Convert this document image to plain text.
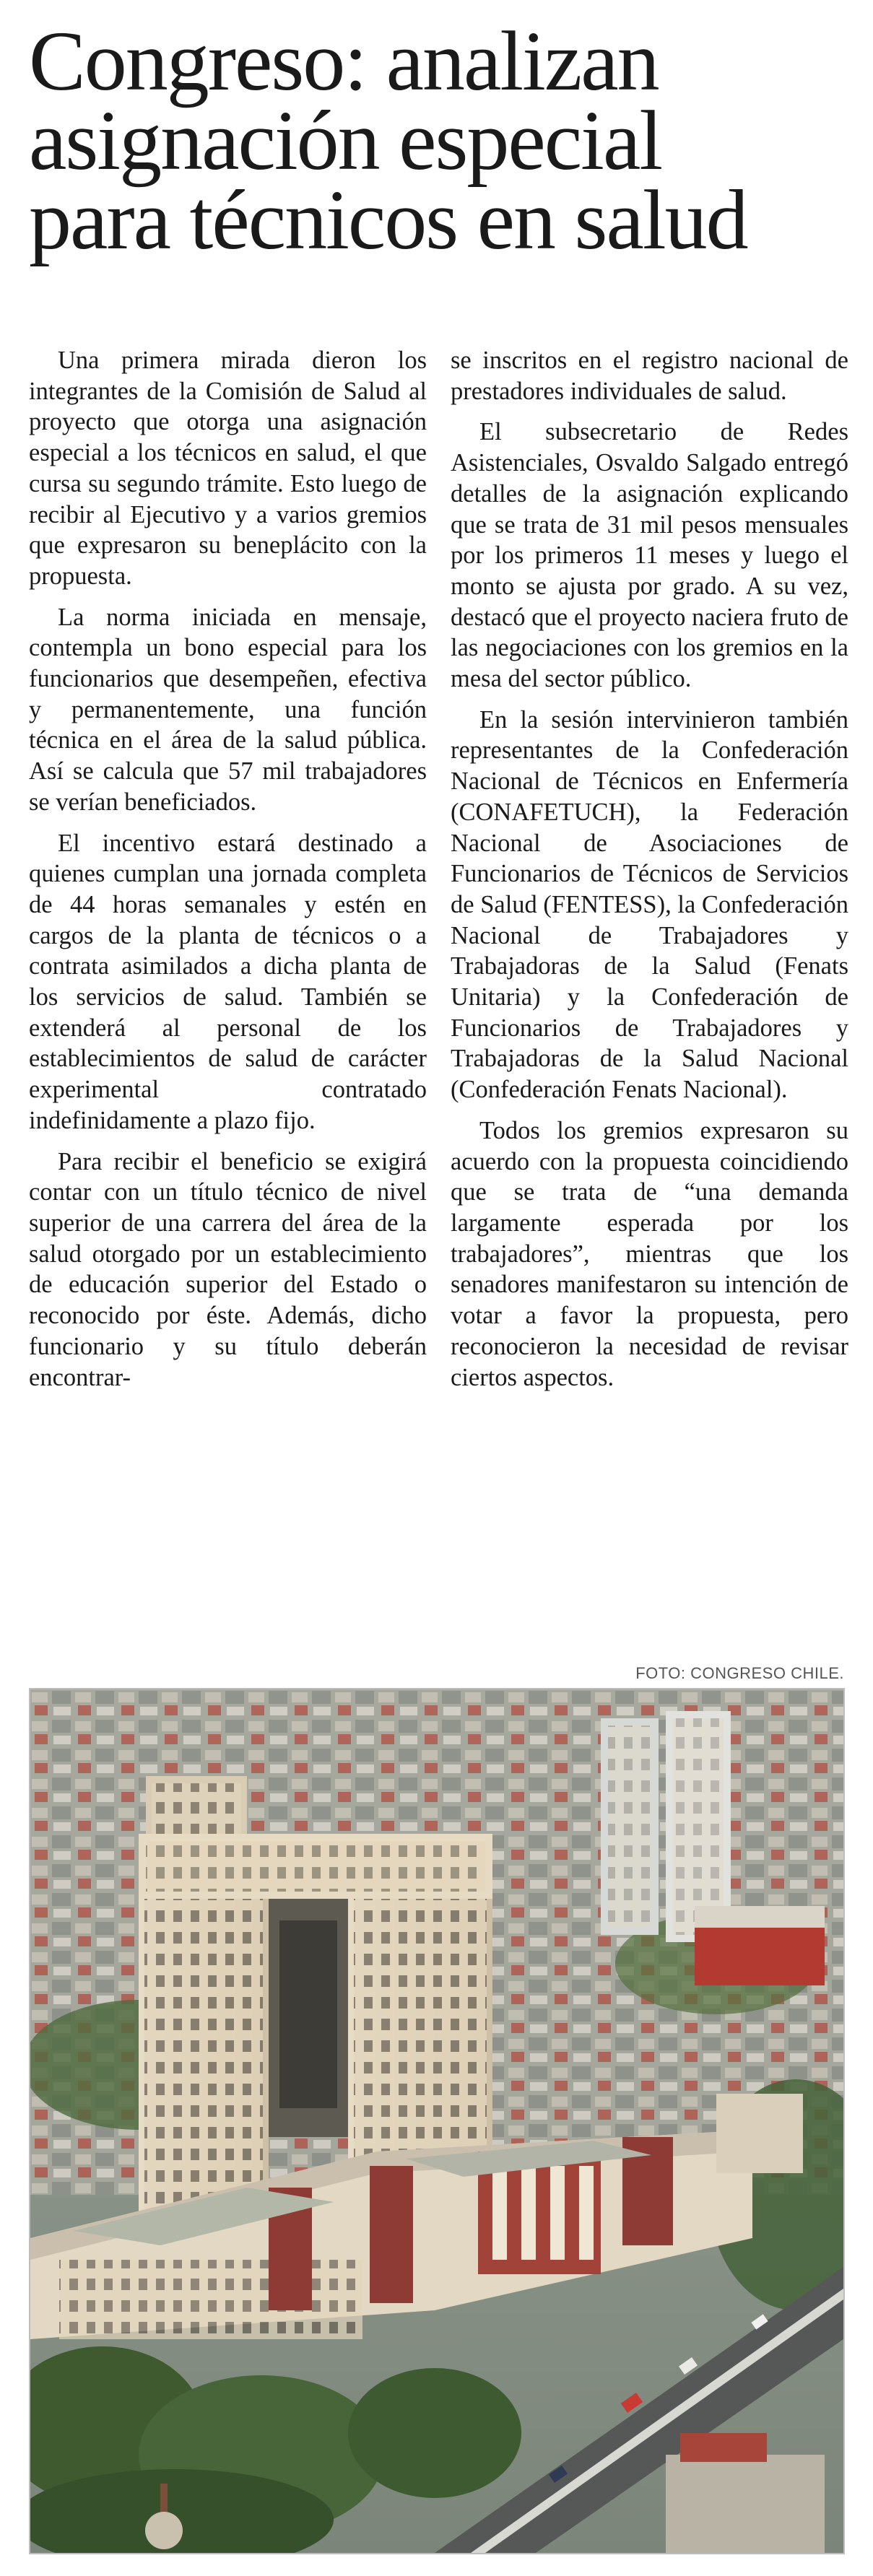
Congreso: analizan
asignación especial
para técnicos en salud

Una primera mirada dieron los integrantes de la Comisión de Salud al proyecto que otorga una asignación especial a los técnicos en salud, el que cursa su segundo trámite. Esto luego de recibir al Ejecutivo y a varios gremios que expresaron su beneplácito con la propuesta.

La norma iniciada en mensaje, contempla un bono especial para los funcionarios que desempeñen, efectiva y permanentemente, una función técnica en el área de la salud pública. Así se calcula que 57 mil trabajadores se verían beneficiados.

El incentivo estará destinado a quienes cumplan una jornada completa de 44 horas semanales y estén en cargos de la planta de técnicos o a contrata asimilados a dicha planta de los servicios de salud. También se extenderá al personal de los establecimientos de salud de carácter experimental contratado indefinidamente a plazo fijo.

Para recibir el beneficio se exigirá contar con un título técnico de nivel superior de una carrera del área de la salud otorgado por un establecimiento de educación superior del Estado o reconocido por éste. Además, dicho funcionario y su título deberán encontrar-

se inscritos en el registro nacional de prestadores individuales de salud.

El subsecretario de Redes Asistenciales, Osvaldo Salgado entregó detalles de la asignación explicando que se trata de 31 mil pesos mensuales por los primeros 11 meses y luego el monto se ajusta por grado. A su vez, destacó que el proyecto naciera fruto de las negociaciones con los gremios en la mesa del sector público.

En la sesión intervinieron también representantes de la Confederación Nacional de Técnicos en Enfermería (CONAFETUCH), la Federación Nacional de Asociaciones de Funcionarios de Técnicos de Servicios de Salud (FENTESS), la Confederación Nacional de Trabajadores y Trabajadoras de la Salud (Fenats Unitaria) y la Confederación de Funcionarios de Trabajadores y Trabajadoras de la Salud Nacional (Confederación Fenats Nacional).

Todos los gremios expresaron su acuerdo con la propuesta coincidiendo que se trata de “una demanda largamente esperada por los trabajadores”, mientras que los senadores manifestaron su intención de votar a favor la propuesta, pero reconocieron la necesidad de revisar ciertos aspectos.

FOTO: CONGRESO CHILE.
